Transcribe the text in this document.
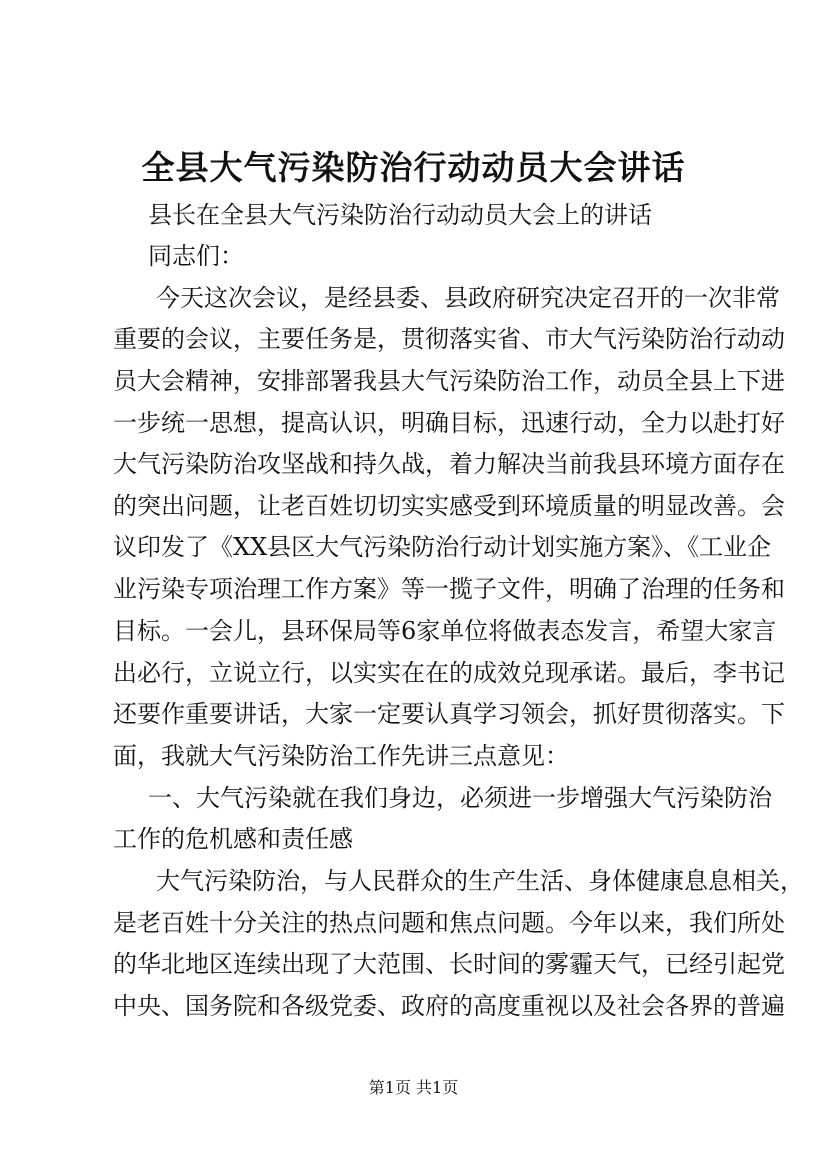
全县大气污染防治行动动员大会讲话
县长在全县大气污染防治行动动员大会上的讲话
同志们：
今天这次会议，是经县委、县政府研究决定召开的一次非常
重要的会议，主要任务是，贯彻落实省、市大气污染防治行动动
员大会精神，安排部署我县大气污染防治工作，动员全县上下进
一步统一思想，提高认识，明确目标，迅速行动，全力以赴打好
大气污染防治攻坚战和持久战，着力解决当前我县环境方面存在
的突出问题，让老百姓切切实实感受到环境质量的明显改善。会
议印发了《XX县区大气污染防治行动计划实施方案》、《工业企
业污染专项治理工作方案》等一揽子文件，明确了治理的任务和
目标。一会儿，县环保局等6家单位将做表态发言，希望大家言
出必行，立说立行，以实实在在的成效兑现承诺。最后，李书记
还要作重要讲话，大家一定要认真学习领会，抓好贯彻落实。下
面，我就大气污染防治工作先讲三点意见：
一、大气污染就在我们身边，必须进一步增强大气污染防治
工作的危机感和责任感
大气污染防治，与人民群众的生产生活、身体健康息息相关，
是老百姓十分关注的热点问题和焦点问题。今年以来，我们所处
的华北地区连续出现了大范围、长时间的雾霾天气，已经引起党
中央、国务院和各级党委、政府的高度重视以及社会各界的普遍
第1页 共1页
